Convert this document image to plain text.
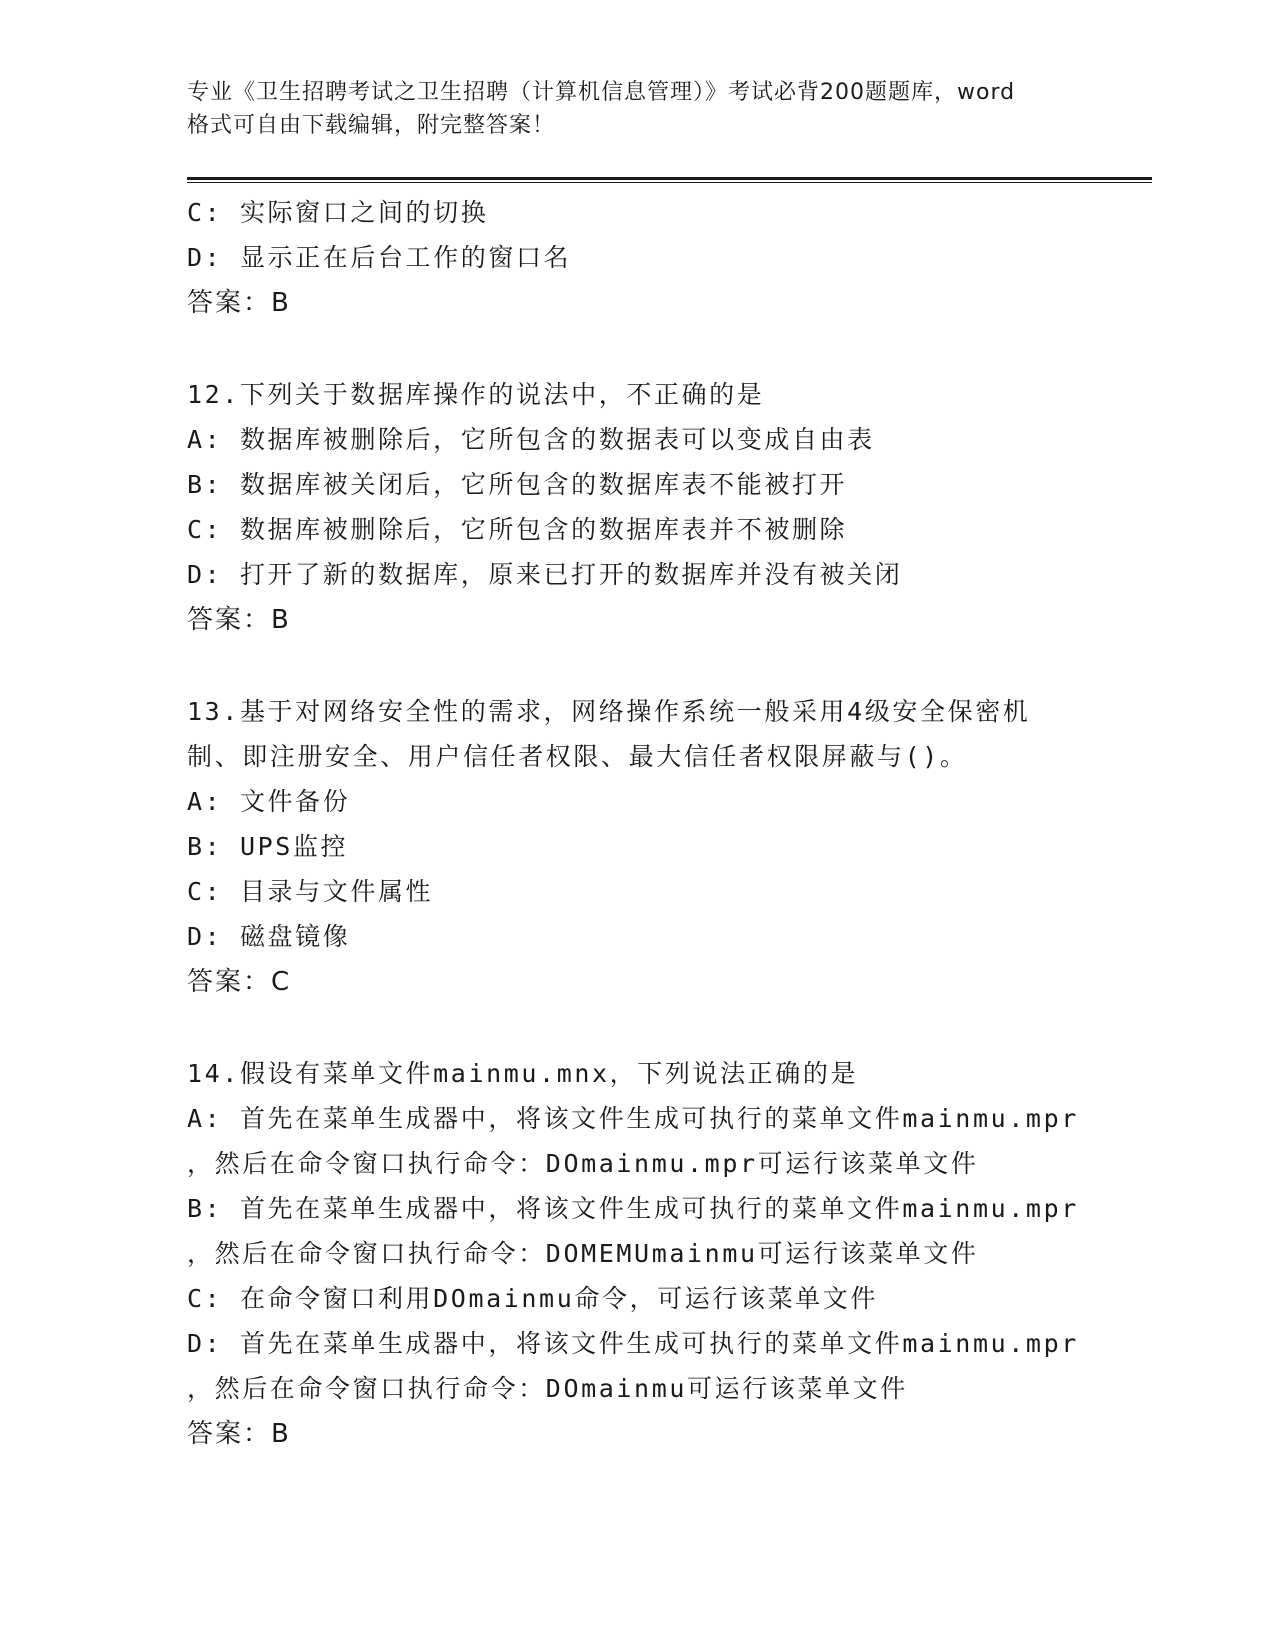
专业《卫生招聘考试之卫生招聘（计算机信息管理）》考试必背200题题库，word
格式可自由下载编辑，附完整答案！
C: 实际窗口之间的切换
D: 显示正在后台工作的窗口名
答案：B
12.下列关于数据库操作的说法中，不正确的是
A: 数据库被删除后，它所包含的数据表可以变成自由表
B: 数据库被关闭后，它所包含的数据库表不能被打开
C: 数据库被删除后，它所包含的数据库表并不被删除
D: 打开了新的数据库，原来已打开的数据库并没有被关闭
答案：B
13.基于对网络安全性的需求，网络操作系统一般采用4级安全保密机
制、即注册安全、用户信任者权限、最大信任者权限屏蔽与()。
A: 文件备份
B: UPS监控
C: 目录与文件属性
D: 磁盘镜像
答案：C
14.假设有菜单文件mainmu.mnx，下列说法正确的是
A: 首先在菜单生成器中，将该文件生成可执行的菜单文件mainmu.mpr
，然后在命令窗口执行命令：DOmainmu.mpr可运行该菜单文件
B: 首先在菜单生成器中，将该文件生成可执行的菜单文件mainmu.mpr
，然后在命令窗口执行命令：DOMEMUmainmu可运行该菜单文件
C: 在命令窗口利用DOmainmu命令，可运行该菜单文件
D: 首先在菜单生成器中，将该文件生成可执行的菜单文件mainmu.mpr
，然后在命令窗口执行命令：DOmainmu可运行该菜单文件
答案：B
